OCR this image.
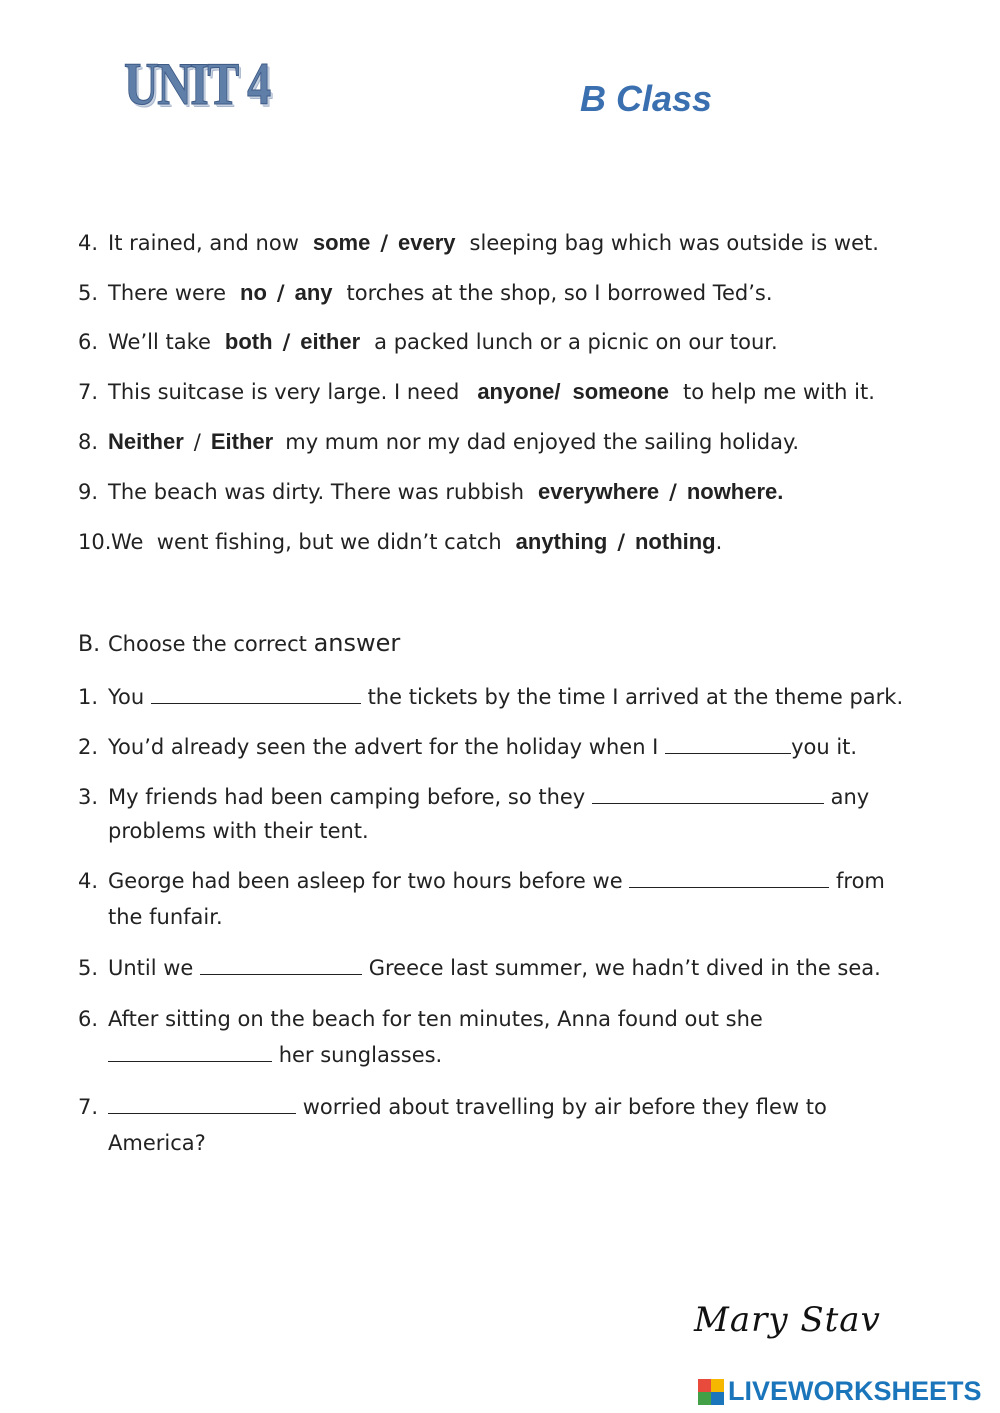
UNIT 4	B Class
4. It rained, and now some / every sleeping bag which was outside is wet.
5. There were no / any torches at the shop, so I borrowed Ted’s.
6. We’ll take both / either a packed lunch or a picnic on our tour.
7. This suitcase is very large. I need anyone/ someone to help me with it.
8. Neither / Either my mum nor my dad enjoyed the sailing holiday.
9. The beach was dirty. There was rubbish everywhere / nowhere.
10.We  went fishing, but we didn’t catch anything / nothing.
B. Choose the correct answer
1. You	the tickets by the time I arrived at the theme park.
2. You’d already seen the advert for the holiday when I	you it.
3. My friends had been camping before, so they	any
problems with their tent.
4. George had been asleep for two hours before we	from
the funfair.
5. Until we	Greece last summer, we hadn’t dived in the sea.
6. After sitting on the beach for ten minutes, Anna found out she
her sunglasses.
7.	worried about travelling by air before they flew to
America?
Mary Stav
LIVEWORKSHEETS
